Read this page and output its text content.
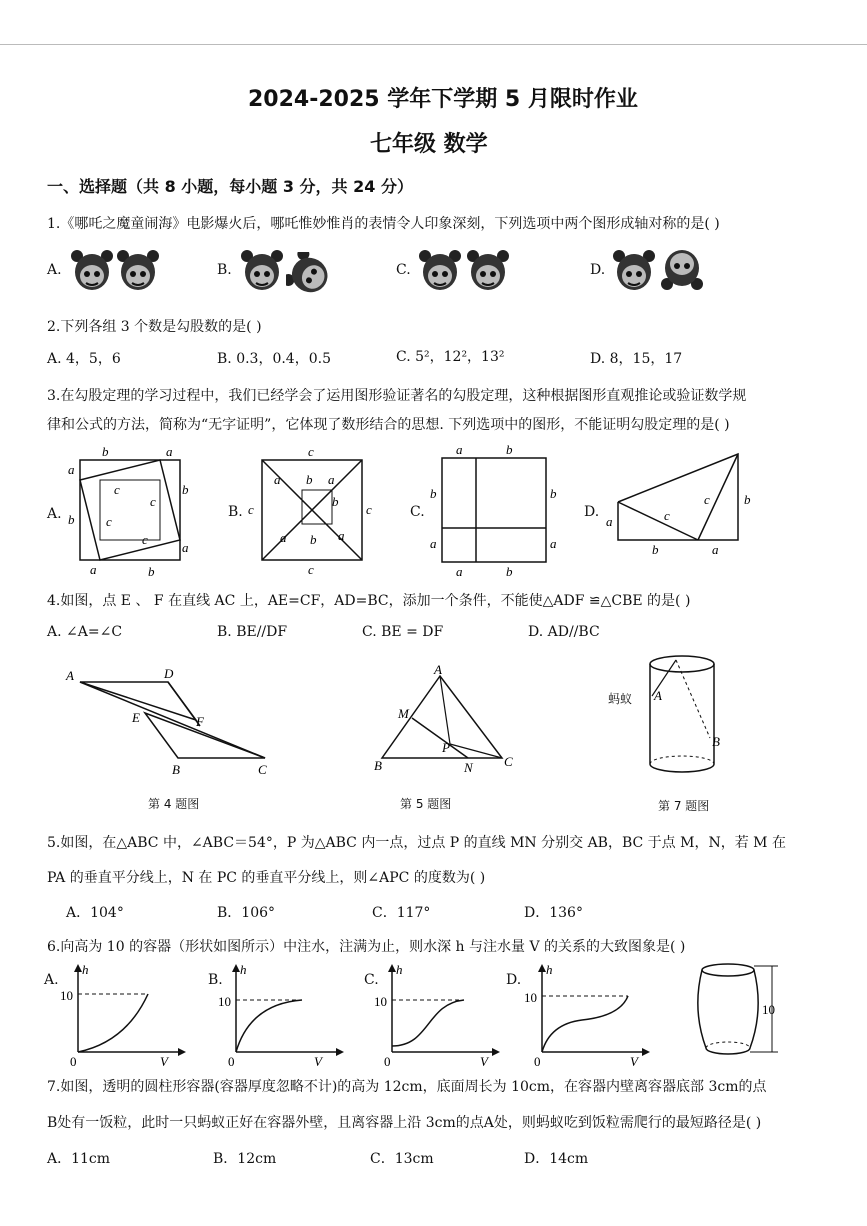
2024-2025 学年下学期 5 月限时作业
七年级 数学
一、选择题（共 8 小题，每小题 3 分，共 24 分）
1.《哪吒之魔童闹海》电影爆火后，哪吒惟妙惟肖的表情令人印象深刻，下列选项中两个图形成轴对称的是( )
A.	B.	C.	D.
2.下列各组 3 个数是勾股数的是( )
A. 4，5，6	B. 0.3，0.4，0.5	C. 5²，12²，13²	D. 8，15，17
3.在勾股定理的学习过程中，我们已经学会了运用图形验证著名的勾股定理，这种根据图形直观推论或验证数学规
律和公式的方法，简称为“无字证明”，它体现了数形结合的思想. 下列选项中的图形，不能证明勾股定理的是( )
A.	B.	C.	D.
b	a
a
b
b
a
a	b
c
c
c
c
c
c	c
c
a b a
b
a b a
a	b
b	b
a	a
a	b
a
b	a
b
c
c
4.如图，点 E 、 F 在直线 AC 上，AE=CF，AD=BC，添加一个条件，不能使△ADF ≌△CBE 的是( )
A. ∠A=∠C	B. BE//DF	C. BE = DF	D. AD//BC
A	D
E	F
B	C
第 4 题图
A
M
P
N
B	C
第 5 题图
A
B
蚂蚁
第 7 题图
5.如图，在△ABC 中，∠ABC＝54°，P 为△ABC 内一点，过点 P 的直线 MN 分别交 AB，BC 于点 M，N，若 M 在
PA 的垂直平分线上，N 在 PC 的垂直平分线上，则∠APC 的度数为( )
A．104°	B．106°	C．117°	D．136°
6.向高为 10 的容器（形状如图所示）中注水，注满为止，则水深 h 与注水量 V 的关系的大致图象是( )
A.	B.	C.	D.
h
10
0	V
h
10
0	V
h
10
0	V
h
10
0	V
10
7.如图，透明的圆柱形容器(容器厚度忽略不计)的高为 12cm，底面周长为 10cm，在容器内壁离容器底部 3cm的点
B处有一饭粒，此时一只蚂蚁正好在容器外壁，且离容器上沿 3cm的点A处，则蚂蚁吃到饭粒需爬行的最短路径是( )
A．11cm	B．12cm	C．13cm	D．14cm
